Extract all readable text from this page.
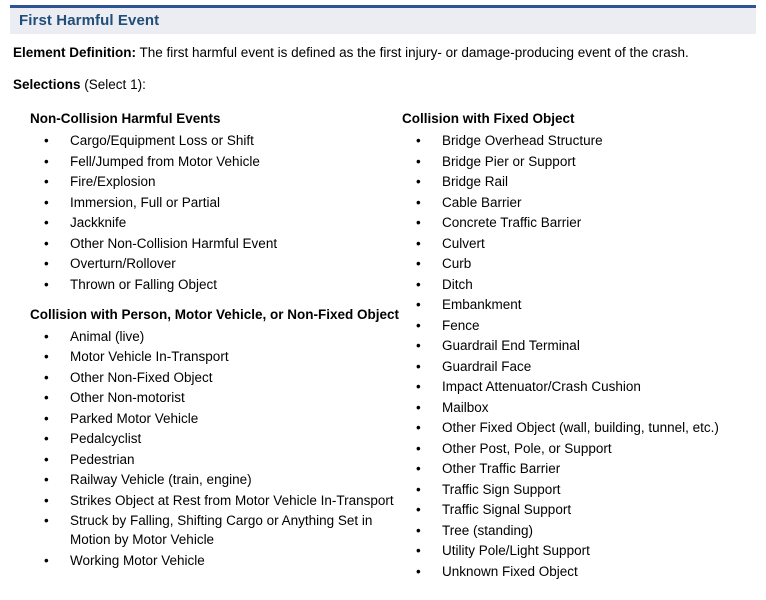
First Harmful Event

Element Definition: The first harmful event is defined as the first injury- or damage-producing event of the crash.

Selections (Select 1):

Non-Collision Harmful Events
• Cargo/Equipment Loss or Shift
• Fell/Jumped from Motor Vehicle
• Fire/Explosion
• Immersion, Full or Partial
• Jackknife
• Other Non-Collision Harmful Event
• Overturn/Rollover
• Thrown or Falling Object
Collision with Person, Motor Vehicle, or Non-Fixed Object
• Animal (live)
• Motor Vehicle In-Transport
• Other Non-Fixed Object
• Other Non-motorist
• Parked Motor Vehicle
• Pedalcyclist
• Pedestrian
• Railway Vehicle (train, engine)
• Strikes Object at Rest from Motor Vehicle In-Transport
• Struck by Falling, Shifting Cargo or Anything Set in Motion by Motor Vehicle
• Working Motor Vehicle
Collision with Fixed Object
• Bridge Overhead Structure
• Bridge Pier or Support
• Bridge Rail
• Cable Barrier
• Concrete Traffic Barrier
• Culvert
• Curb
• Ditch
• Embankment
• Fence
• Guardrail End Terminal
• Guardrail Face
• Impact Attenuator/Crash Cushion
• Mailbox
• Other Fixed Object (wall, building, tunnel, etc.)
• Other Post, Pole, or Support
• Other Traffic Barrier
• Traffic Sign Support
• Traffic Signal Support
• Tree (standing)
• Utility Pole/Light Support
• Unknown Fixed Object
